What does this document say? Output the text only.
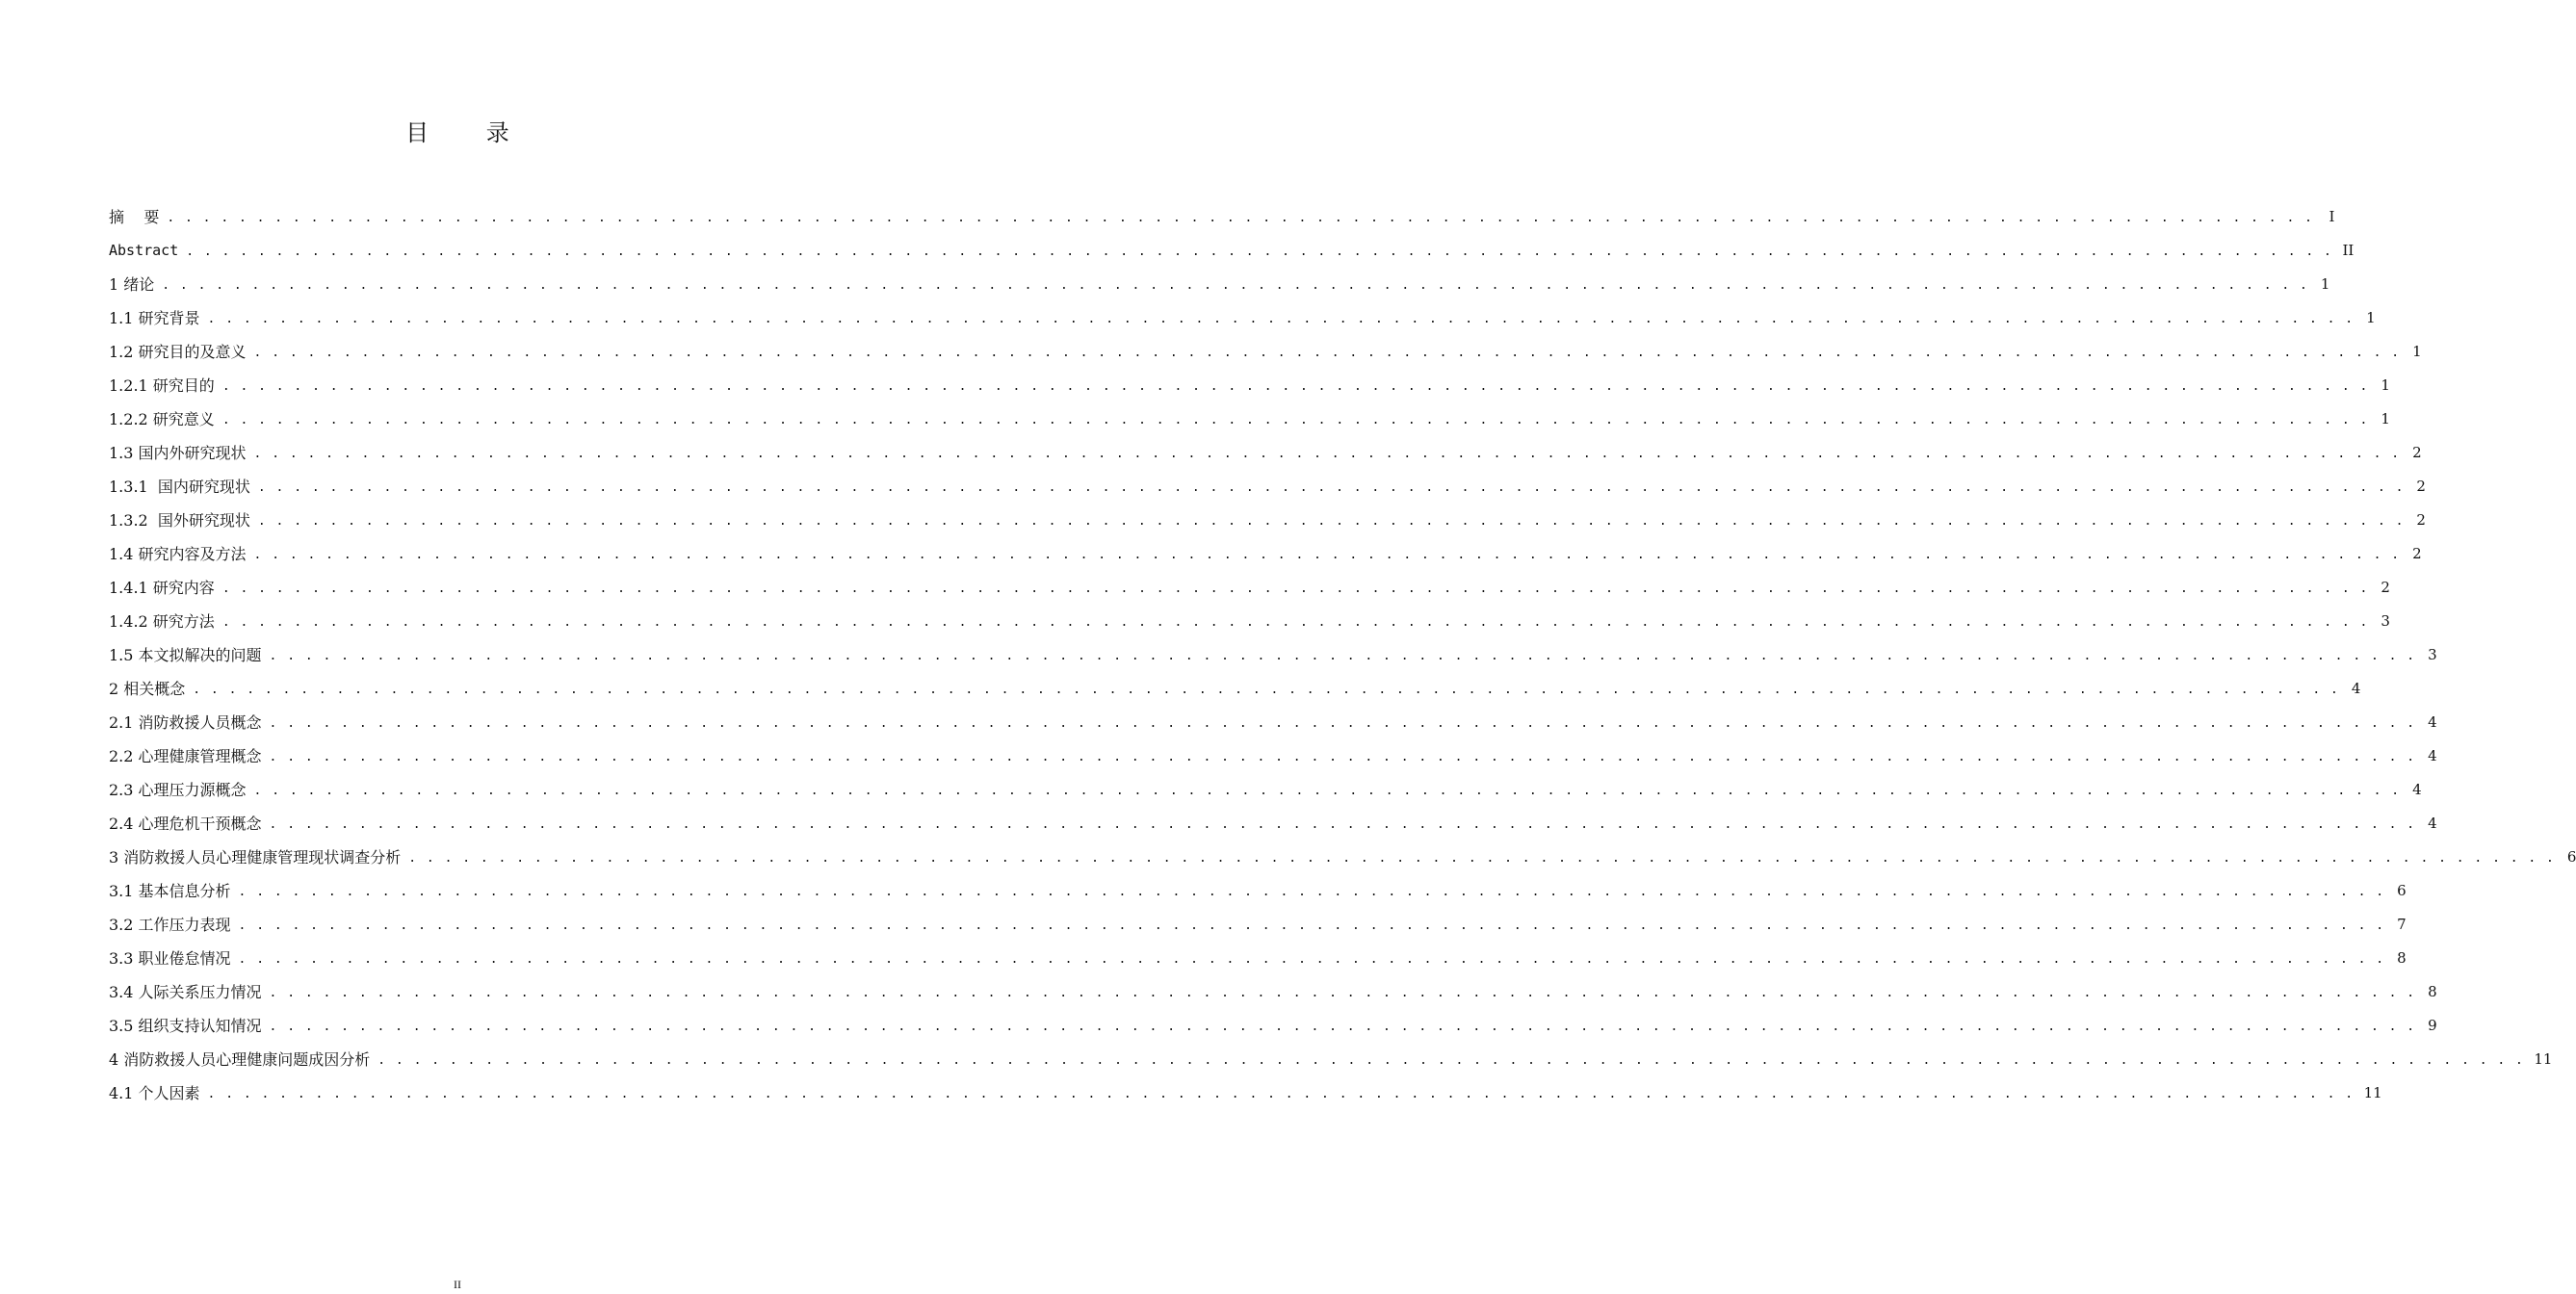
目 录
摘    要 . . . . . . . . . . . . . . . . . . . . . . . . . . . . . . . . . . . . . . . . . . . . . . . . . . . . . . . . . . . . . . . . . . . . . . . . . . . . . . . . . . . . . . . . . . . . . . . . . . . . . . . . . . . . . . . . . . . . . . . .	I
Abstract . . . . . . . . . . . . . . . . . . . . . . . . . . . . . . . . . . . . . . . . . . . . . . . . . . . . . . . . . . . . . . . . . . . . . . . . . . . . . . . . . . . . . . . . . . . . . . . . . . . . . . . . . . . . . . . . . . . . . . . . II
1 绪论 . . . . . . . . . . . . . . . . . . . . . . . . . . . . . . . . . . . . . . . . . . . . . . . . . . . . . . . . . . . . . . . . . . . . . . . . . . . . . . . . . . . . . . . . . . . . . . . . . . . . . . . . . . . . . . . . . . . . . . . . 1
1.1 研究背景 . . . . . . . . . . . . . . . . . . . . . . . . . . . . . . . . . . . . . . . . . . . . . . . . . . . . . . . . . . . . . . . . . . . . . . . . . . . . . . . . . . . . . . . . . . . . . . . . . . . . . . . . . . . . . . . . . . . . . . . . 1
1.2 研究目的及意义 . . . . . . . . . . . . . . . . . . . . . . . . . . . . . . . . . . . . . . . . . . . . . . . . . . . . . . . . . . . . . . . . . . . . . . . . . . . . . . . . . . . . . . . . . . . . . . . . . . . . . . . . . . . . . . . . . . . . . . . . 1
1.2.1 研究目的 . . . . . . . . . . . . . . . . . . . . . . . . . . . . . . . . . . . . . . . . . . . . . . . . . . . . . . . . . . . . . . . . . . . . . . . . . . . . . . . . . . . . . . . . . . . . . . . . . . . . . . . . . . . . . . . . . . . . . . . . 1
1.2.2 研究意义 . . . . . . . . . . . . . . . . . . . . . . . . . . . . . . . . . . . . . . . . . . . . . . . . . . . . . . . . . . . . . . . . . . . . . . . . . . . . . . . . . . . . . . . . . . . . . . . . . . . . . . . . . . . . . . . . . . . . . . . . 1
1.3 国内外研究现状 . . . . . . . . . . . . . . . . . . . . . . . . . . . . . . . . . . . . . . . . . . . . . . . . . . . . . . . . . . . . . . . . . . . . . . . . . . . . . . . . . . . . . . . . . . . . . . . . . . . . . . . . . . . . . . . . . . . . . . . . 2
1.3.1  国内研究现状 . . . . . . . . . . . . . . . . . . . . . . . . . . . . . . . . . . . . . . . . . . . . . . . . . . . . . . . . . . . . . . . . . . . . . . . . . . . . . . . . . . . . . . . . . . . . . . . . . . . . . . . . . . . . . . . . . . . . . . . . 2
1.3.2  国外研究现状 . . . . . . . . . . . . . . . . . . . . . . . . . . . . . . . . . . . . . . . . . . . . . . . . . . . . . . . . . . . . . . . . . . . . . . . . . . . . . . . . . . . . . . . . . . . . . . . . . . . . . . . . . . . . . . . . . . . . . . . . 2
1.4 研究内容及方法 . . . . . . . . . . . . . . . . . . . . . . . . . . . . . . . . . . . . . . . . . . . . . . . . . . . . . . . . . . . . . . . . . . . . . . . . . . . . . . . . . . . . . . . . . . . . . . . . . . . . . . . . . . . . . . . . . . . . . . . . 2
1.4.1 研究内容 . . . . . . . . . . . . . . . . . . . . . . . . . . . . . . . . . . . . . . . . . . . . . . . . . . . . . . . . . . . . . . . . . . . . . . . . . . . . . . . . . . . . . . . . . . . . . . . . . . . . . . . . . . . . . . . . . . . . . . . . 2
1.4.2 研究方法 . . . . . . . . . . . . . . . . . . . . . . . . . . . . . . . . . . . . . . . . . . . . . . . . . . . . . . . . . . . . . . . . . . . . . . . . . . . . . . . . . . . . . . . . . . . . . . . . . . . . . . . . . . . . . . . . . . . . . . . . 3
1.5 本文拟解决的问题 . . . . . . . . . . . . . . . . . . . . . . . . . . . . . . . . . . . . . . . . . . . . . . . . . . . . . . . . . . . . . . . . . . . . . . . . . . . . . . . . . . . . . . . . . . . . . . . . . . . . . . . . . . . . . . . . . . . . . . . . 3
2 相关概念 . . . . . . . . . . . . . . . . . . . . . . . . . . . . . . . . . . . . . . . . . . . . . . . . . . . . . . . . . . . . . . . . . . . . . . . . . . . . . . . . . . . . . . . . . . . . . . . . . . . . . . . . . . . . . . . . . . . . . . . . 4
2.1 消防救援人员概念 . . . . . . . . . . . . . . . . . . . . . . . . . . . . . . . . . . . . . . . . . . . . . . . . . . . . . . . . . . . . . . . . . . . . . . . . . . . . . . . . . . . . . . . . . . . . . . . . . . . . . . . . . . . . . . . . . . . . . . . . 4
2.2 心理健康管理概念 . . . . . . . . . . . . . . . . . . . . . . . . . . . . . . . . . . . . . . . . . . . . . . . . . . . . . . . . . . . . . . . . . . . . . . . . . . . . . . . . . . . . . . . . . . . . . . . . . . . . . . . . . . . . . . . . . . . . . . . . 4
2.3 心理压力源概念 . . . . . . . . . . . . . . . . . . . . . . . . . . . . . . . . . . . . . . . . . . . . . . . . . . . . . . . . . . . . . . . . . . . . . . . . . . . . . . . . . . . . . . . . . . . . . . . . . . . . . . . . . . . . . . . . . . . . . . . . 4
2.4 心理危机干预概念 . . . . . . . . . . . . . . . . . . . . . . . . . . . . . . . . . . . . . . . . . . . . . . . . . . . . . . . . . . . . . . . . . . . . . . . . . . . . . . . . . . . . . . . . . . . . . . . . . . . . . . . . . . . . . . . . . . . . . . . . 4
3 消防救援人员心理健康管理现状调查分析 . . . . . . . . . . . . . . . . . . . . . . . . . . . . . . . . . . . . . . . . . . . . . . . . . . . . . . . . . . . . . . . . . . . . . . . . . . . . . . . . . . . . . . . . . . . . . . . . . . . . . . . . . . . . . . . . . . . . . . . . 6
3.1 基本信息分析 . . . . . . . . . . . . . . . . . . . . . . . . . . . . . . . . . . . . . . . . . . . . . . . . . . . . . . . . . . . . . . . . . . . . . . . . . . . . . . . . . . . . . . . . . . . . . . . . . . . . . . . . . . . . . . . . . . . . . . . . 6
3.2 工作压力表现 . . . . . . . . . . . . . . . . . . . . . . . . . . . . . . . . . . . . . . . . . . . . . . . . . . . . . . . . . . . . . . . . . . . . . . . . . . . . . . . . . . . . . . . . . . . . . . . . . . . . . . . . . . . . . . . . . . . . . . . . 7
3.3 职业倦怠情况 . . . . . . . . . . . . . . . . . . . . . . . . . . . . . . . . . . . . . . . . . . . . . . . . . . . . . . . . . . . . . . . . . . . . . . . . . . . . . . . . . . . . . . . . . . . . . . . . . . . . . . . . . . . . . . . . . . . . . . . . 8
3.4 人际关系压力情况 . . . . . . . . . . . . . . . . . . . . . . . . . . . . . . . . . . . . . . . . . . . . . . . . . . . . . . . . . . . . . . . . . . . . . . . . . . . . . . . . . . . . . . . . . . . . . . . . . . . . . . . . . . . . . . . . . . . . . . . . 8
3.5 组织支持认知情况 . . . . . . . . . . . . . . . . . . . . . . . . . . . . . . . . . . . . . . . . . . . . . . . . . . . . . . . . . . . . . . . . . . . . . . . . . . . . . . . . . . . . . . . . . . . . . . . . . . . . . . . . . . . . . . . . . . . . . . . . 9
4 消防救援人员心理健康问题成因分析 . . . . . . . . . . . . . . . . . . . . . . . . . . . . . . . . . . . . . . . . . . . . . . . . . . . . . . . . . . . . . . . . . . . . . . . . . . . . . . . . . . . . . . . . . . . . . . . . . . . . . . . . . . . . . . . . . . . . . . . . 11
4.1 个人因素 . . . . . . . . . . . . . . . . . . . . . . . . . . . . . . . . . . . . . . . . . . . . . . . . . . . . . . . . . . . . . . . . . . . . . . . . . . . . . . . . . . . . . . . . . . . . . . . . . . . . . . . . . . . . . . . . . . . . . . . . 11
II
